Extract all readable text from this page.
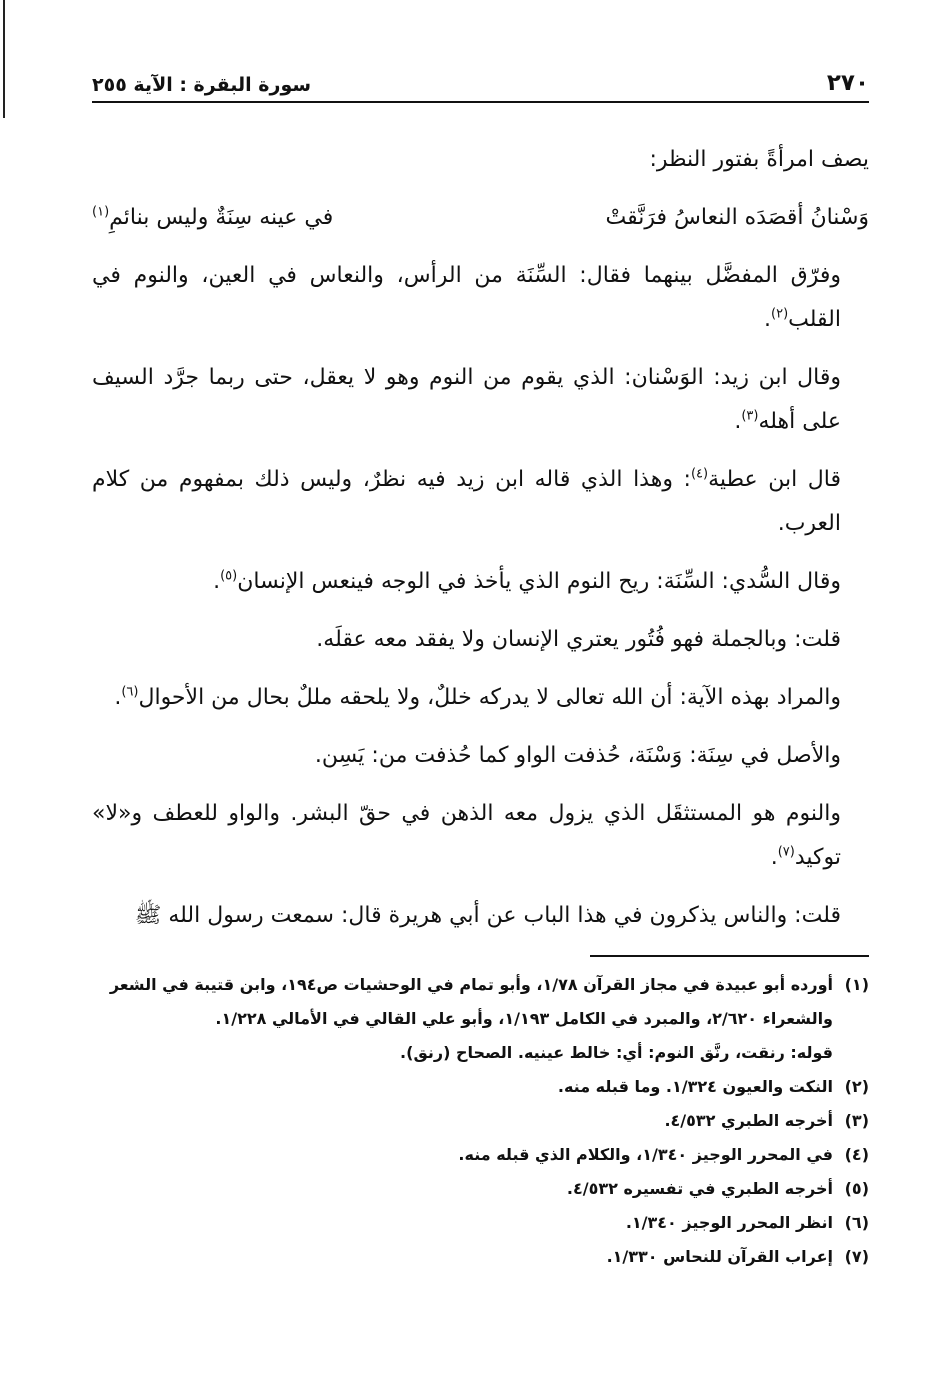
٢٧٠
سورة البقرة : الآية ٢٥٥

يصف امرأةً بفتور النظر:

وَسْنانُ أقصَدَه النعاسُ فرَنَّقتْ
في عينه سِنَةٌ وليس بنائمِ$^{(١)}$

وفرّق المفضَّل بينهما فقال: السِّنَة من الرأس، والنعاس في العين، والنوم في القلب$^{(٢)}$.

وقال ابن زيد: الوَسْنان: الذي يقوم من النوم وهو لا يعقل، حتى ربما جرَّد السيف على أهله$^{(٣)}$.

قال ابن عطية$^{(٤)}$: وهذا الذي قاله ابن زيد فيه نظرٌ، وليس ذلك بمفهوم من كلام العرب.

وقال السُّدي: السِّنَة: ريح النوم الذي يأخذ في الوجه فينعس الإنسان$^{(٥)}$.

قلت: وبالجملة فهو فُتُور يعتري الإنسان ولا يفقد معه عقلَه.

والمراد بهذه الآية: أن الله تعالى لا يدركه خللٌ، ولا يلحقه مللٌ بحال من الأحوال$^{(٦)}$.

والأصل في سِنَة: وَسْنَة، حُذفت الواو كما حُذفت من: يَسِن.

والنوم هو المستثقَل الذي يزول معه الذهن في حقّ البشر. والواو للعطف و«لا» توكيد$^{(٧)}$.

قلت: والناس يذكرون في هذا الباب عن أبي هريرة قال: سمعت رسول الله ﷺ

(١)
أورده أبو عبيدة في مجاز القرآن ١/٧٨، وأبو تمام في الوحشيات ص١٩٤، وابن قتيبة في الشعر والشعراء ٢/٦٢٠، والمبرد في الكامل ١/١٩٣، وأبو علي القالي في الأمالي ١/٢٢٨.
قوله: رنقت، رنَّق النوم: أي: خالط عينيه. الصحاح (رنق).
(٢)
النكت والعيون ١/٣٢٤. وما قبله منه.
(٣)
أخرجه الطبري ٤/٥٣٢.
(٤)
في المحرر الوجيز ١/٣٤٠، والكلام الذي قبله منه.
(٥)
أخرجه الطبري في تفسيره ٤/٥٣٢.
(٦)
انظر المحرر الوجيز ١/٣٤٠.
(٧)
إعراب القرآن للنحاس ١/٣٣٠.
